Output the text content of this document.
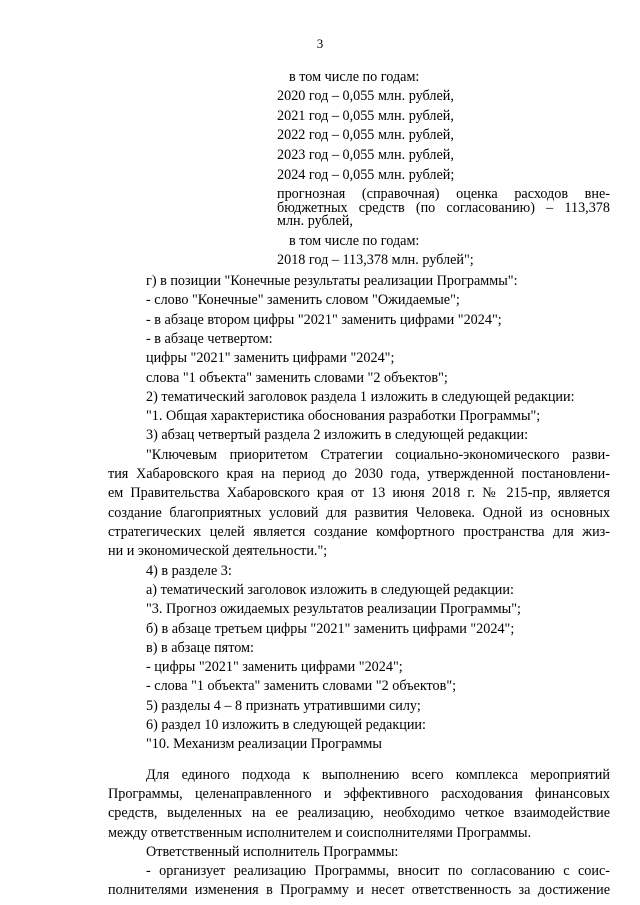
3
в том числе по годам:
2020 год – 0,055 млн. рублей,
2021 год – 0,055 млн. рублей,
2022 год – 0,055 млн. рублей,
2023 год – 0,055 млн. рублей,
2024 год – 0,055 млн. рублей;
прогнозная (справочная) оценка расходов вне-
бюджетных средств (по согласованию) – 113,378
млн. рублей,
в том числе по годам:
2018 год – 113,378 млн. рублей";
г) в позиции "Конечные результаты реализации Программы":
- слово "Конечные" заменить словом "Ожидаемые";
- в абзаце втором цифры "2021" заменить цифрами "2024";
- в абзаце четвертом:
цифры "2021" заменить цифрами "2024";
слова "1 объекта" заменить словами "2 объектов";
2) тематический заголовок раздела 1 изложить в следующей редакции:
"1. Общая характеристика обоснования разработки Программы";
3) абзац четвертый раздела 2 изложить в следующей редакции:
"Ключевым приоритетом Стратегии социально-экономического разви-
тия Хабаровского края на период до 2030 года, утвержденной постановлени-
ем Правительства Хабаровского края от 13 июня 2018 г. № 215-пр, является
создание благоприятных условий для развития Человека. Одной из основных
стратегических целей является создание комфортного пространства для жиз-
ни и экономической деятельности.";
4) в разделе 3:
а) тематический заголовок изложить в следующей редакции:
"3. Прогноз ожидаемых результатов реализации Программы";
б) в абзаце третьем цифры "2021" заменить цифрами "2024";
в) в абзаце пятом:
- цифры "2021" заменить цифрами "2024";
- слова "1 объекта" заменить словами "2 объектов";
5) разделы 4 – 8 признать утратившими силу;
6) раздел 10 изложить в следующей редакции:
"10. Механизм реализации Программы
Для единого подхода к выполнению всего комплекса мероприятий
Программы, целенаправленного и эффективного расходования финансовых
средств, выделенных на ее реализацию, необходимо четкое взаимодействие
между ответственным исполнителем и соисполнителями Программы.
Ответственный исполнитель Программы:
- организует реализацию Программы, вносит по согласованию с соис-
полнителями изменения в Программу и несет ответственность за достижение
